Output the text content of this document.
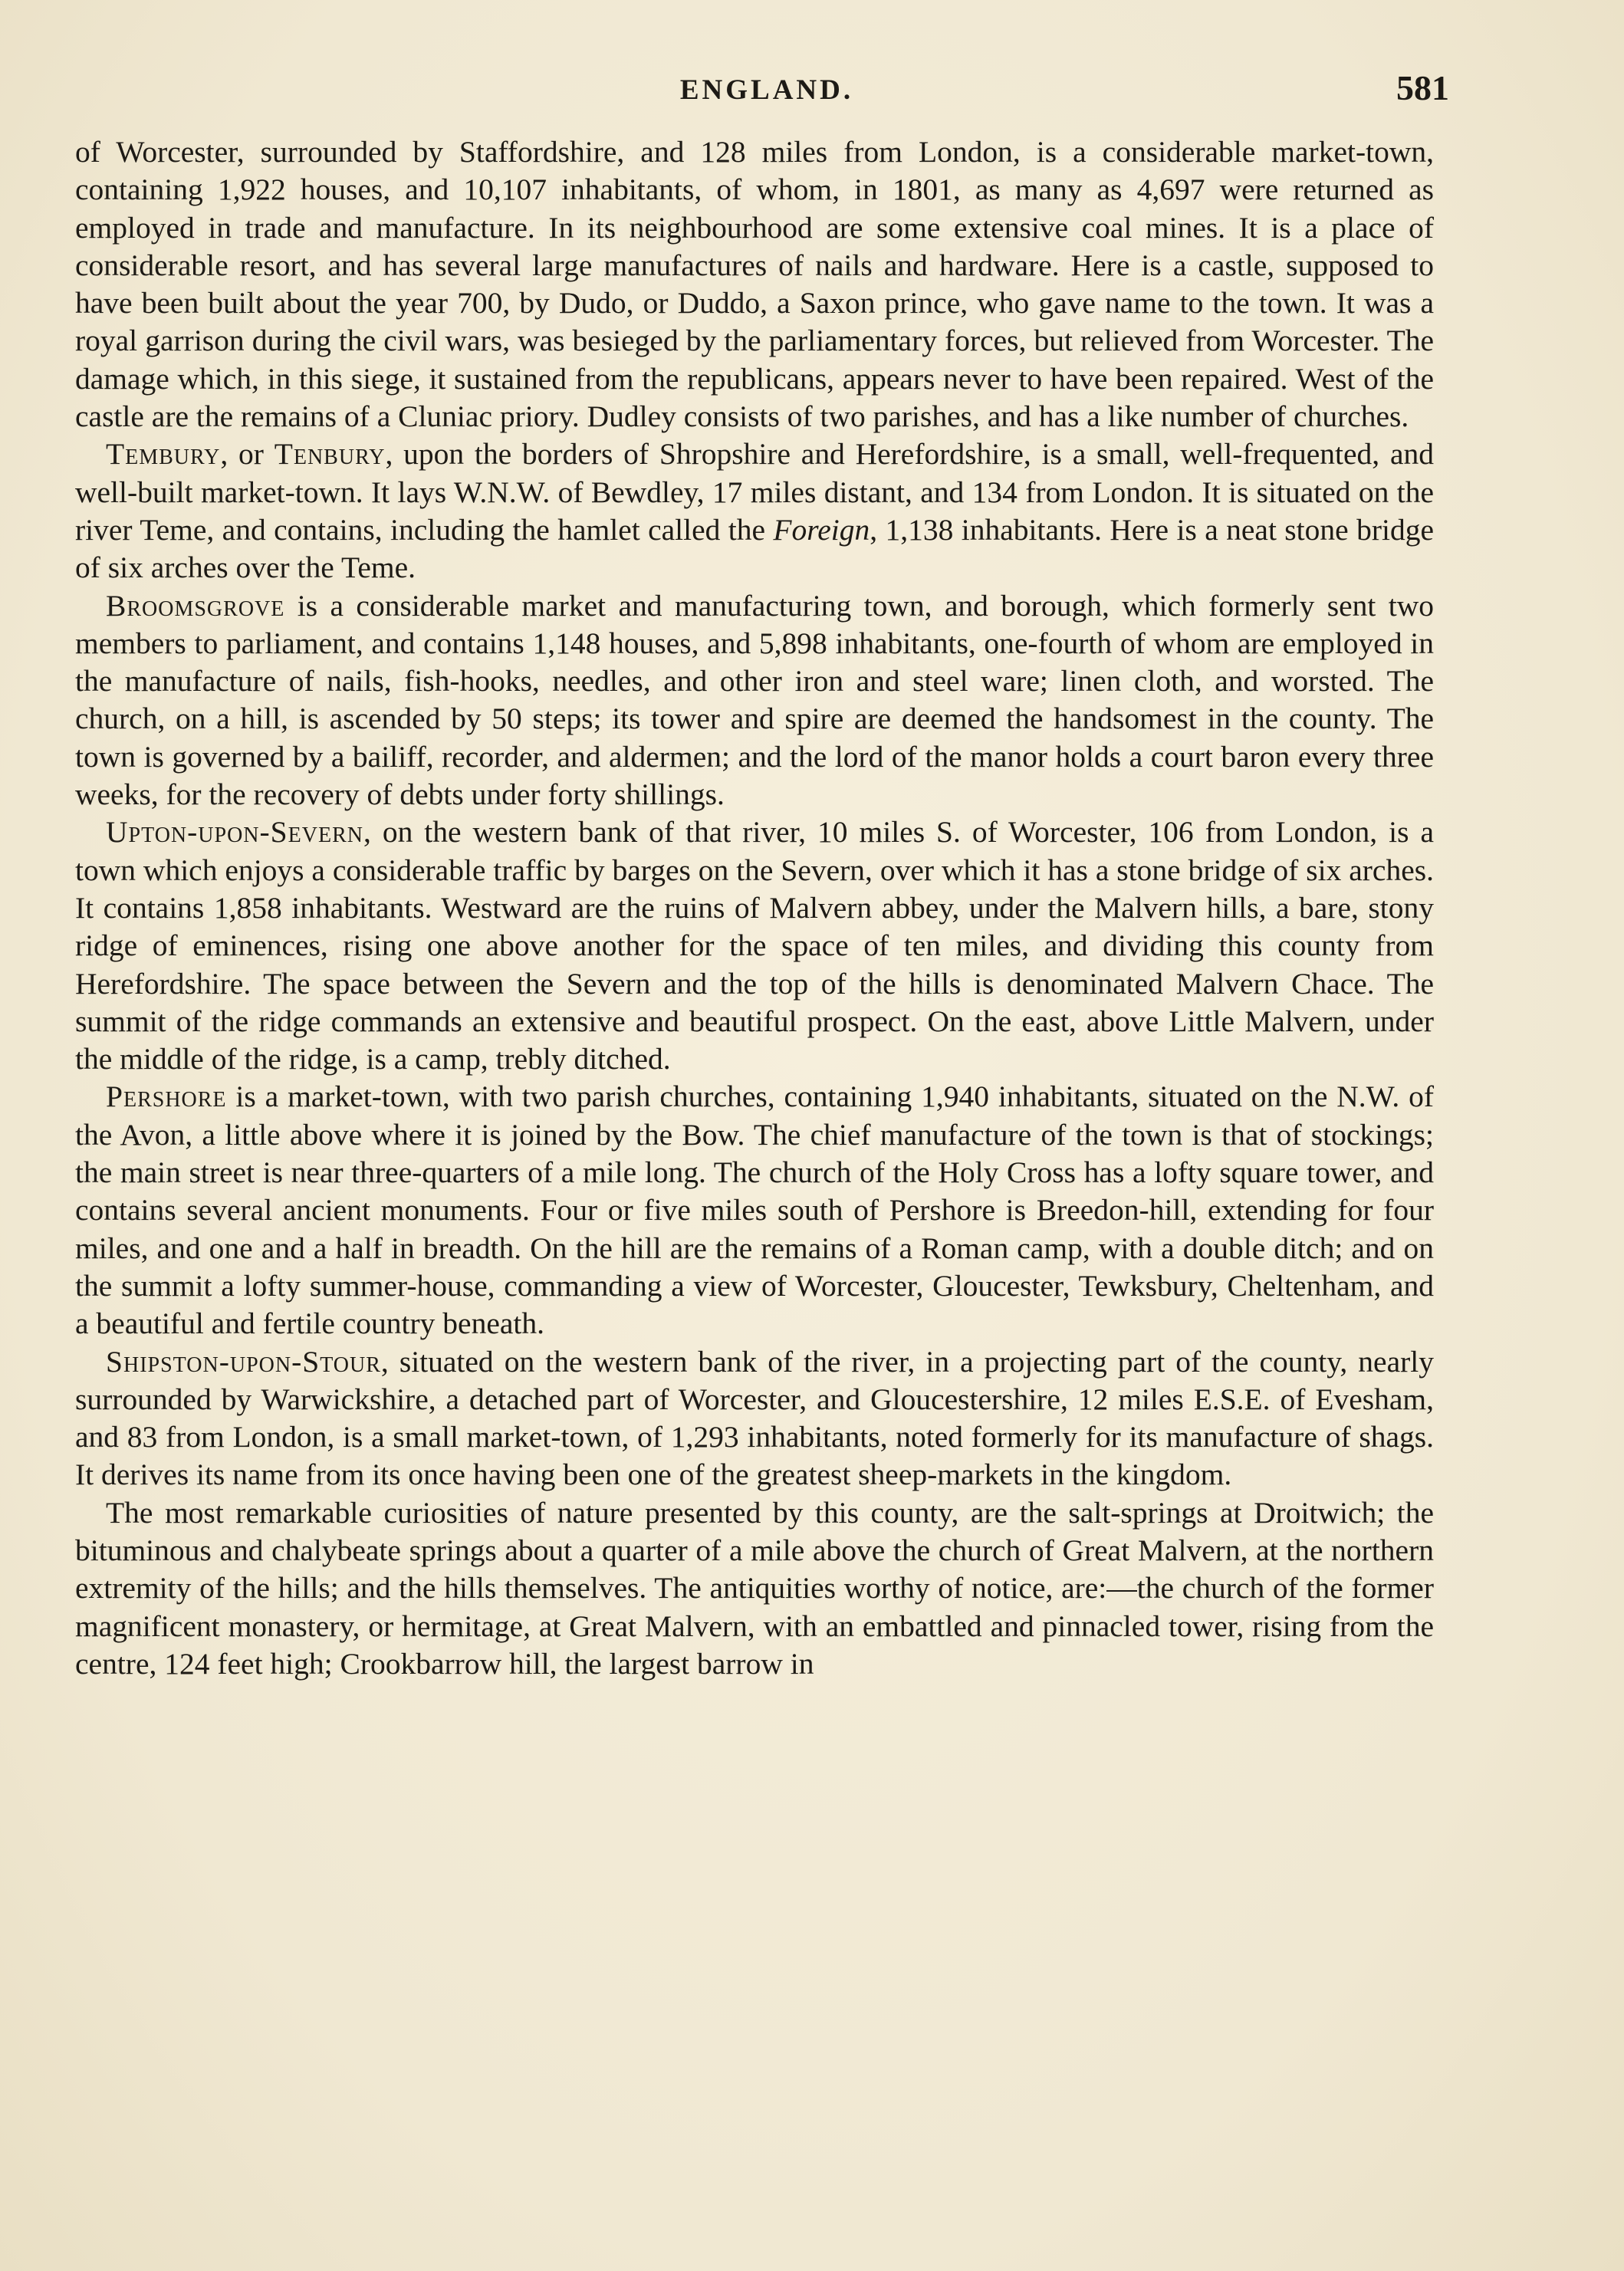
ENGLAND.	581

of Worcester, surrounded by Staffordshire, and 128 miles from London, is a considerable market-town, containing 1,922 houses, and 10,107 inhabitants, of whom, in 1801, as many as 4,697 were returned as employed in trade and manufacture. In its neighbourhood are some extensive coal mines. It is a place of considerable resort, and has several large manufactures of nails and hardware. Here is a castle, supposed to have been built about the year 700, by Dudo, or Duddo, a Saxon prince, who gave name to the town. It was a royal garrison during the civil wars, was besieged by the parliamentary forces, but relieved from Worcester. The damage which, in this siege, it sustained from the republicans, appears never to have been repaired. West of the castle are the remains of a Cluniac priory. Dudley consists of two parishes, and has a like number of churches.

Tembury, or Tenbury, upon the borders of Shropshire and Herefordshire, is a small, well-frequented, and well-built market-town. It lays W.N.W. of Bewdley, 17 miles distant, and 134 from London. It is situated on the river Teme, and contains, including the hamlet called the Foreign, 1,138 inhabitants. Here is a neat stone bridge of six arches over the Teme.

Broomsgrove is a considerable market and manufacturing town, and borough, which formerly sent two members to parliament, and contains 1,148 houses, and 5,898 inhabitants, one-fourth of whom are employed in the manufacture of nails, fish-hooks, needles, and other iron and steel ware; linen cloth, and worsted. The church, on a hill, is ascended by 50 steps; its tower and spire are deemed the handsomest in the county. The town is governed by a bailiff, recorder, and aldermen; and the lord of the manor holds a court baron every three weeks, for the recovery of debts under forty shillings.

Upton-upon-Severn, on the western bank of that river, 10 miles S. of Worcester, 106 from London, is a town which enjoys a considerable traffic by barges on the Severn, over which it has a stone bridge of six arches. It contains 1,858 inhabitants. Westward are the ruins of Malvern abbey, under the Malvern hills, a bare, stony ridge of eminences, rising one above another for the space of ten miles, and dividing this county from Herefordshire. The space between the Severn and the top of the hills is denominated Malvern Chace. The summit of the ridge commands an extensive and beautiful prospect. On the east, above Little Malvern, under the middle of the ridge, is a camp, trebly ditched.

Pershore is a market-town, with two parish churches, containing 1,940 inhabitants, situated on the N.W. of the Avon, a little above where it is joined by the Bow. The chief manufacture of the town is that of stockings; the main street is near three-quarters of a mile long. The church of the Holy Cross has a lofty square tower, and contains several ancient monuments. Four or five miles south of Pershore is Breedon-hill, extending for four miles, and one and a half in breadth. On the hill are the remains of a Roman camp, with a double ditch; and on the summit a lofty summer-house, commanding a view of Worcester, Gloucester, Tewksbury, Cheltenham, and a beautiful and fertile country beneath.

Shipston-upon-Stour, situated on the western bank of the river, in a projecting part of the county, nearly surrounded by Warwickshire, a detached part of Worcester, and Gloucestershire, 12 miles E.S.E. of Evesham, and 83 from London, is a small market-town, of 1,293 inhabitants, noted formerly for its manufacture of shags. It derives its name from its once having been one of the greatest sheep-markets in the kingdom.

The most remarkable curiosities of nature presented by this county, are the salt-springs at Droitwich; the bituminous and chalybeate springs about a quarter of a mile above the church of Great Malvern, at the northern extremity of the hills; and the hills themselves. The antiquities worthy of notice, are:—the church of the former magnificent monastery, or hermitage, at Great Malvern, with an embattled and pinnacled tower, rising from the centre, 124 feet high; Crookbarrow hill, the largest barrow in
